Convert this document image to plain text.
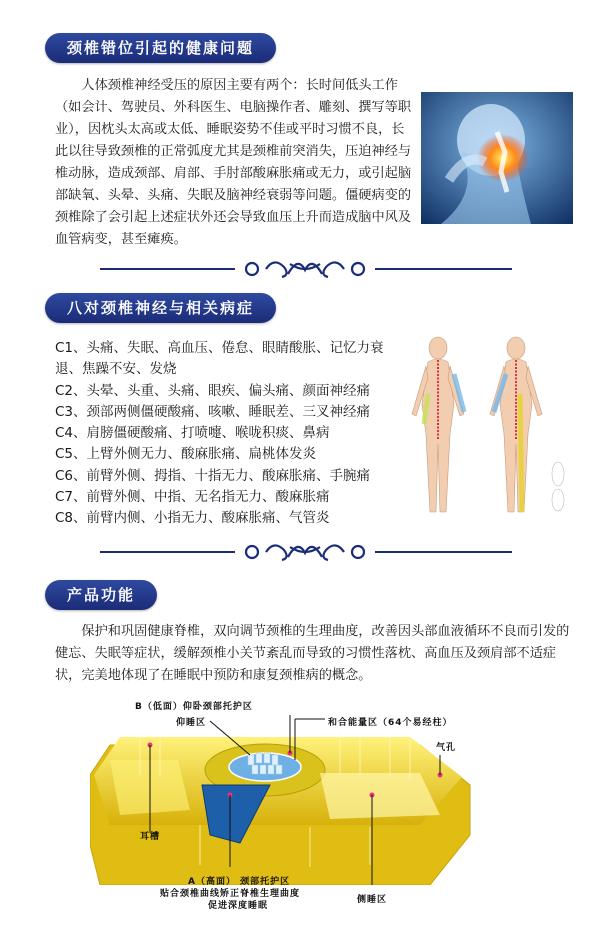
颈椎错位引起的健康问题

人体颈椎神经受压的原因主要有两个：长时间低头工作（如会计、驾驶员、外科医生、电脑操作者、雕刻、撰写等职业），因枕头太高或太低、睡眠姿势不佳或平时习惯不良，长此以往导致颈椎的正常弧度尤其是颈椎前突消失，压迫神经与椎动脉，造成颈部、肩部、手肘部酸麻胀痛或无力，或引起脑部缺氧、头晕、头痛、失眠及脑神经衰弱等问题。僵硬病变的颈椎除了会引起上述症状外还会导致血压上升而造成脑中风及血管病变，甚至瘫痪。

八对颈椎神经与相关病症
C1、头痛、失眠、高血压、倦怠、眼睛酸胀、记忆力衰
退、焦躁不安、发烧
C2、头晕、头重、头痛、眼疾、偏头痛、颜面神经痛
C3、颈部两侧僵硬酸痛、咳嗽、睡眠差、三叉神经痛
C4、肩膀僵硬酸痛、打喷嚏、喉咙积痰、鼻病
C5、上臂外侧无力、酸麻胀痛、扁桃体发炎
C6、前臂外侧、拇指、十指无力、酸麻胀痛、手腕痛
C7、前臂外侧、中指、无名指无力、酸麻胀痛
C8、前臂内侧、小指无力、酸麻胀痛、气管炎
产品功能

保护和巩固健康脊椎，双向调节颈椎的生理曲度，改善因头部血液循环不良而引发的健忘、失眠等症状，缓解颈椎小关节紊乱而导致的习惯性落枕、高血压及颈肩部不适症状，完美地体现了在睡眠中预防和康复颈椎病的概念。

B（低面）仰卧颈部托护区
仰睡区	和合能量区（64个易经柱）
气孔
耳槽
A（高面） 颈部托护区
贴合颈椎曲线矫正脊椎生理曲度
促进深度睡眠
侧睡区
